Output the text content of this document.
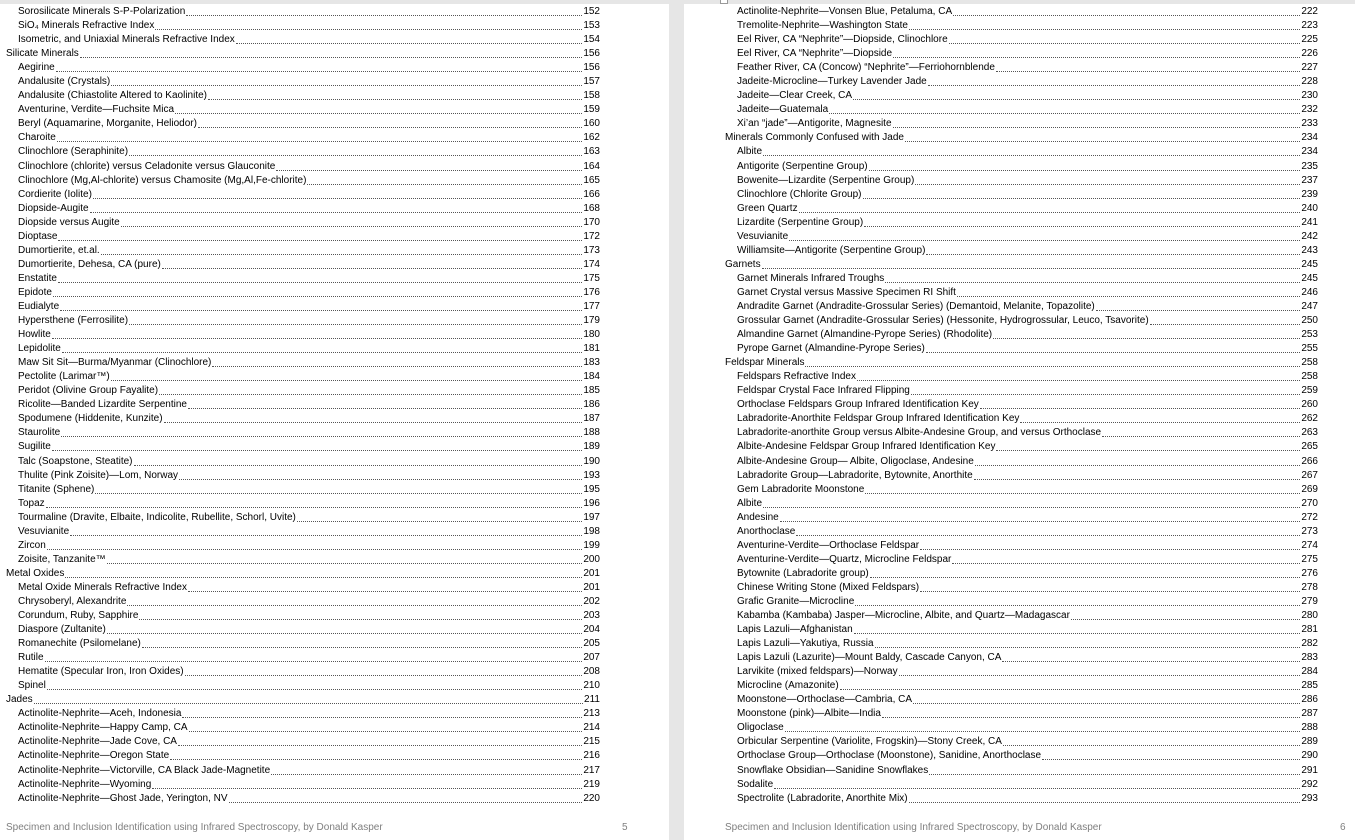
Sorosilicate Minerals S-P-Polarization	152
SiO₄ Minerals Refractive Index	153
Isometric, and Uniaxial Minerals Refractive Index	154
Silicate Minerals	156
Aegirine	156
Andalusite (Crystals)	157
Andalusite (Chiastolite Altered to Kaolinite)	158
Aventurine, Verdite—Fuchsite Mica	159
Beryl (Aquamarine, Morganite, Heliodor)	160
Charoite	162
Clinochlore (Seraphinite)	163
Clinochlore (chlorite) versus Celadonite versus Glauconite	164
Clinochlore (Mg,Al-chlorite) versus Chamosite (Mg,Al,Fe-chlorite)	165
Cordierite (Iolite)	166
Diopside-Augite	168
Diopside versus Augite	170
Dioptase	172
Dumortierite, et.al.	173
Dumortierite, Dehesa, CA (pure)	174
Enstatite	175
Epidote	176
Eudialyte	177
Hypersthene (Ferrosilite)	179
Howlite	180
Lepidolite	181
Maw Sit Sit—Burma/Myanmar (Clinochlore)	183
Pectolite (Larimar™)	184
Peridot (Olivine Group Fayalite)	185
Ricolite—Banded Lizardite Serpentine	186
Spodumene (Hiddenite, Kunzite)	187
Staurolite	188
Sugilite	189
Talc (Soapstone, Steatite)	190
Thulite (Pink Zoisite)—Lom, Norway	193
Titanite (Sphene)	195
Topaz	196
Tourmaline (Dravite, Elbaite, Indicolite, Rubellite, Schorl, Uvite)	197
Vesuvianite	198
Zircon	199
Zoisite, Tanzanite™	200
Metal Oxides	201
Metal Oxide Minerals Refractive Index	201
Chrysoberyl, Alexandrite	202
Corundum, Ruby, Sapphire	203
Diaspore (Zultanite)	204
Romanechite (Psilomelane)	205
Rutile	207
Hematite (Specular Iron, Iron Oxides)	208
Spinel	210
Jades	211
Actinolite-Nephrite—Aceh, Indonesia	213
Actinolite-Nephrite—Happy Camp, CA	214
Actinolite-Nephrite—Jade Cove, CA	215
Actinolite-Nephrite—Oregon State	216
Actinolite-Nephrite—Victorville, CA Black Jade-Magnetite	217
Actinolite-Nephrite—Wyoming	219
Actinolite-Nephrite—Ghost Jade, Yerington, NV	220
Specimen and Inclusion Identification using Infrared Spectroscopy, by Donald Kasper	5
Actinolite-Nephrite—Vonsen Blue, Petaluma, CA	222
Tremolite-Nephrite—Washington State	223
Eel River, CA “Nephrite”—Diopside, Clinochlore	225
Eel River, CA “Nephrite”—Diopside	226
Feather River, CA (Concow) “Nephrite”—Ferriohornblende	227
Jadeite-Microcline—Turkey Lavender Jade	228
Jadeite—Clear Creek, CA	230
Jadeite—Guatemala	232
Xi’an “jade”—Antigorite, Magnesite	233
Minerals Commonly Confused with Jade	234
Albite	234
Antigorite (Serpentine Group)	235
Bowenite—Lizardite (Serpentine Group)	237
Clinochlore (Chlorite Group)	239
Green Quartz	240
Lizardite (Serpentine Group)	241
Vesuvianite	242
Williamsite—Antigorite (Serpentine Group)	243
Garnets	245
Garnet Minerals Infrared Troughs	245
Garnet Crystal versus Massive Specimen RI Shift	246
Andradite Garnet (Andradite-Grossular Series) (Demantoid, Melanite, Topazolite)	247
Grossular Garnet (Andradite-Grossular Series) (Hessonite, Hydrogrossular, Leuco, Tsavorite)	250
Almandine Garnet (Almandine-Pyrope Series) (Rhodolite)	253
Pyrope Garnet (Almandine-Pyrope Series)	255
Feldspar Minerals	258
Feldspars Refractive Index	258
Feldspar Crystal Face Infrared Flipping	259
Orthoclase Feldspars Group Infrared Identification Key	260
Labradorite-Anorthite Feldspar Group Infrared Identification Key	262
Labradorite-anorthite Group versus Albite-Andesine Group, and versus Orthoclase	263
Albite-Andesine Feldspar Group Infrared Identification Key	265
Albite-Andesine Group— Albite, Oligoclase, Andesine	266
Labradorite Group—Labradorite, Bytownite, Anorthite	267
Gem Labradorite Moonstone	269
Albite	270
Andesine	272
Anorthoclase	273
Aventurine-Verdite—Orthoclase Feldspar	274
Aventurine-Verdite—Quartz, Microcline Feldspar	275
Bytownite (Labradorite group)	276
Chinese Writing Stone (Mixed Feldspars)	278
Grafic Granite—Microcline	279
Kabamba (Kambaba) Jasper—Microcline, Albite, and Quartz—Madagascar	280
Lapis Lazuli—Afghanistan	281
Lapis Lazuli—Yakutiya, Russia	282
Lapis Lazuli (Lazurite)—Mount Baldy, Cascade Canyon, CA	283
Larvikite (mixed feldspars)—Norway	284
Microcline (Amazonite)	285
Moonstone—Orthoclase—Cambria, CA	286
Moonstone (pink)—Albite—India	287
Oligoclase	288
Orbicular Serpentine (Variolite, Frogskin)—Stony Creek, CA	289
Orthoclase Group—Orthoclase (Moonstone), Sanidine, Anorthoclase	290
Snowflake Obsidian—Sanidine Snowflakes	291
Sodalite	292
Spectrolite (Labradorite, Anorthite Mix)	293
Specimen and Inclusion Identification using Infrared Spectroscopy, by Donald Kasper	6
